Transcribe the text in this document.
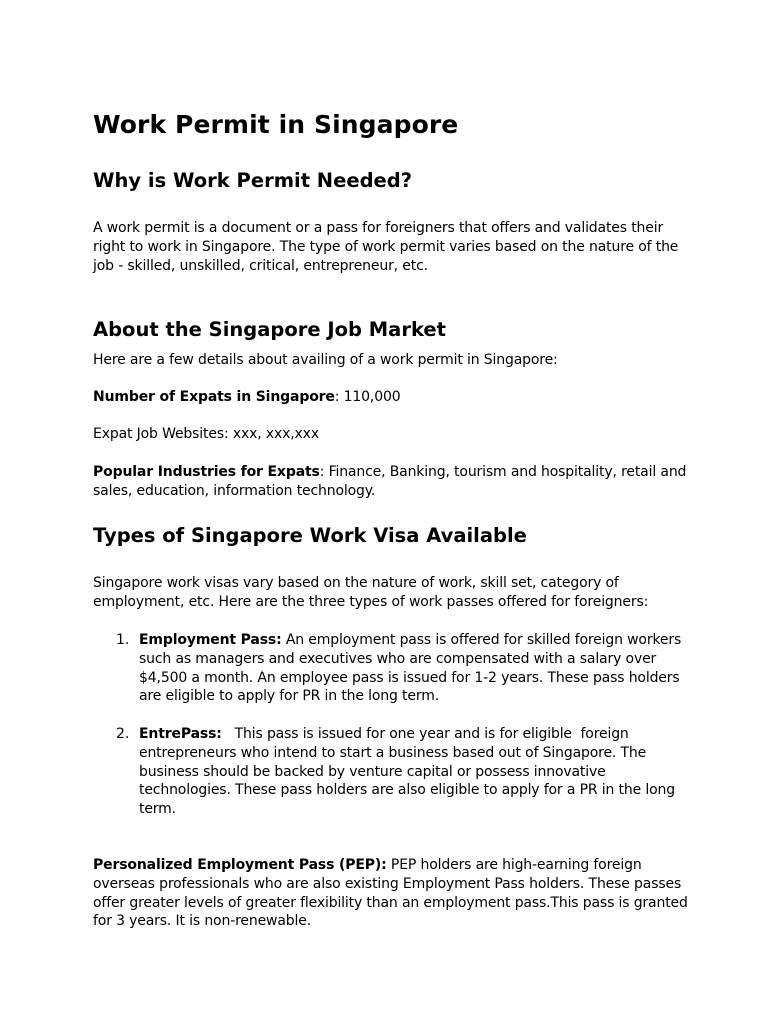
Work Permit in Singapore
Why is Work Permit Needed?

A work permit is a document or a pass for foreigners that offers and validates their right to work in Singapore. The type of work permit varies based on the nature of the job - skilled, unskilled, critical, entrepreneur, etc.

About the Singapore Job Market

Here are a few details about availing of a work permit in Singapore:

Number of Expats in Singapore: 110,000

Expat Job Websites: xxx, xxx,xxx

Popular Industries for Expats: Finance, Banking, tourism and hospitality, retail and sales, education, information technology.

Types of Singapore Work Visa Available

Singapore work visas vary based on the nature of work, skill set, category of employment, etc. Here are the three types of work passes offered for foreigners:

1. Employment Pass: An employment pass is offered for skilled foreign workers such as managers and executives who are compensated with a salary over $4,500 a month. An employee pass is issued for 1-2 years. These pass holders are eligible to apply for PR in the long term.

2. EntrePass:   This pass is issued for one year and is for eligible  foreign entrepreneurs who intend to start a business based out of Singapore. The business should be backed by venture capital or possess innovative technologies. These pass holders are also eligible to apply for a PR in the long term.

Personalized Employment Pass (PEP): PEP holders are high-earning foreign overseas professionals who are also existing Employment Pass holders. These passes offer greater levels of greater flexibility than an employment pass.This pass is granted for 3 years. It is non-renewable.
